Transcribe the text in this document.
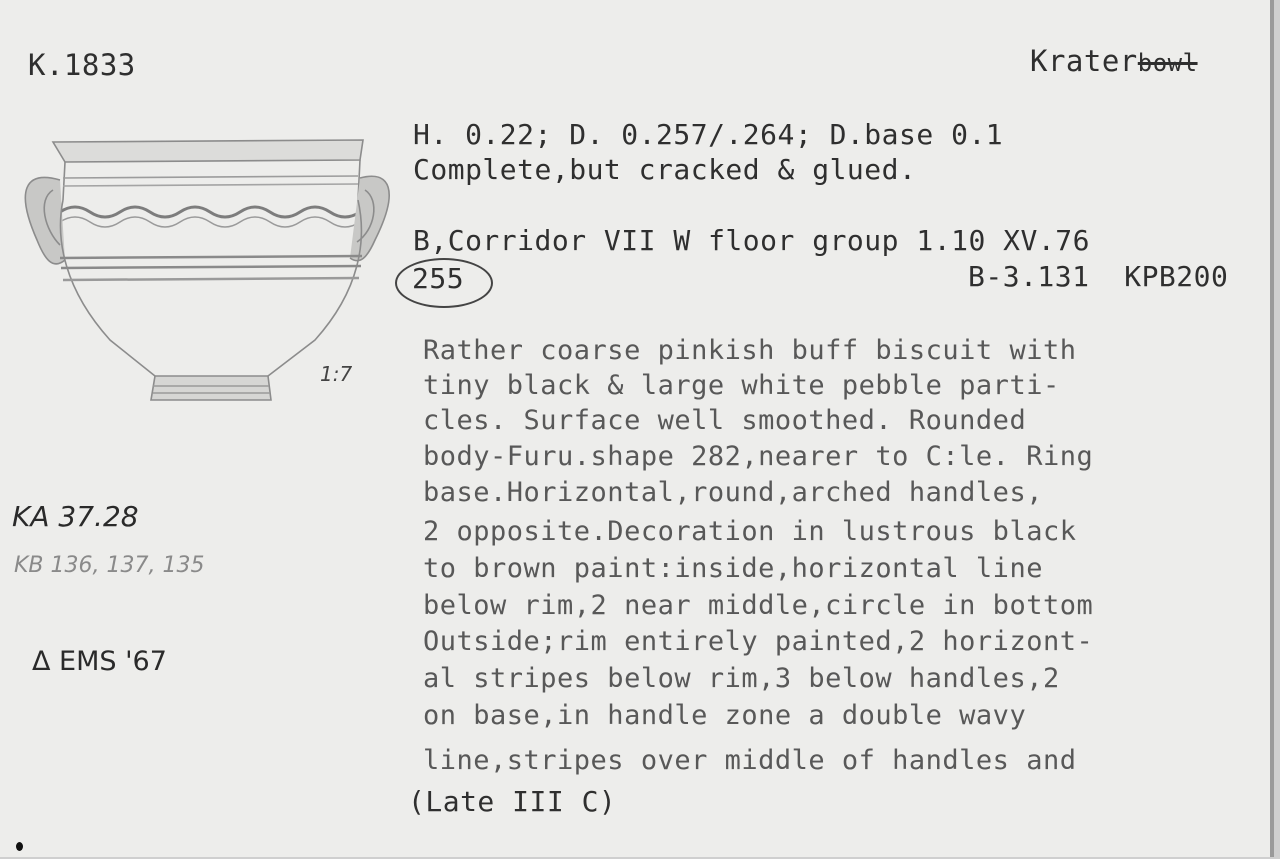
K.1833	Kraterbowl
1:7
H. 0.22; D. 0.257/.264; D.base 0.1
Complete,but cracked & glued.
B,Corridor VII W floor group 1.10 XV.76
255	B-3.131  KPB200
Rather coarse pinkish buff biscuit with
tiny black & large white pebble parti-
cles. Surface well smoothed. Rounded
body-Furu.shape 282,nearer to C:le. Ring
base.Horizontal,round,arched handles,
2 opposite.Decoration in lustrous black
to brown paint:inside,horizontal line
below rim,2 near middle,circle in bottom
Outside;rim entirely painted,2 horizont-
al stripes below rim,3 below handles,2
on base,in handle zone a double wavy
line,stripes over middle of handles and
(Late III C)
KA 37.28
KB 136, 137, 135
Δ EMS '67
